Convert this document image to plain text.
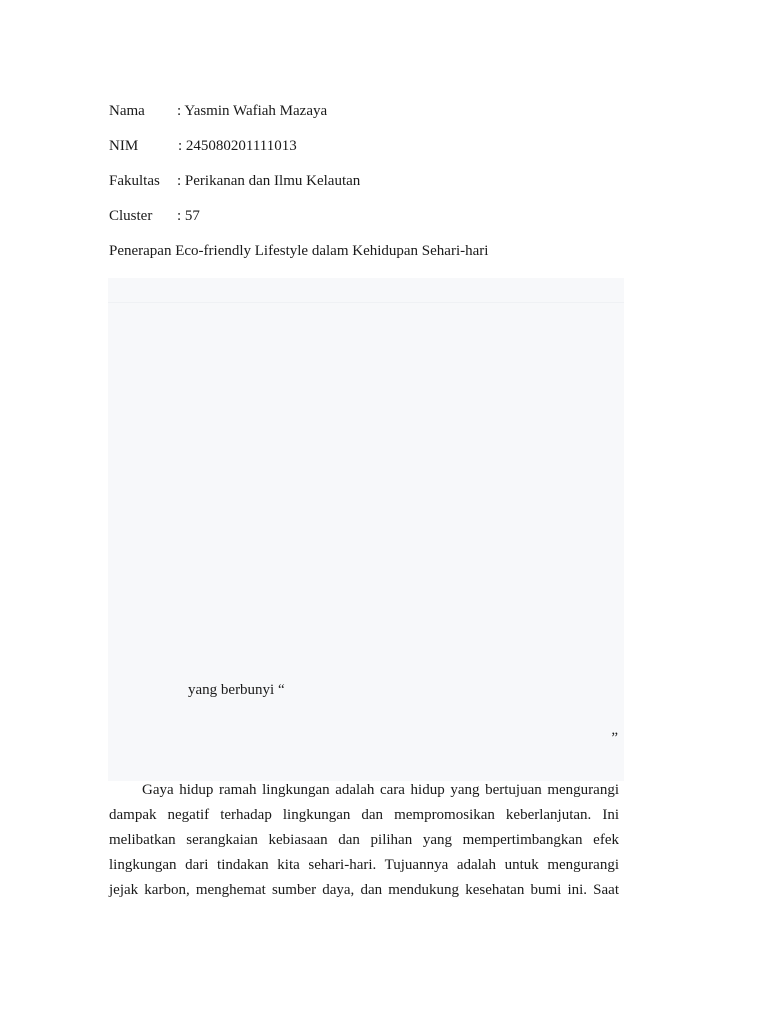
Nama : Yasmin Wafiah Mazaya
NIM	: 245080201111013
Fakultas : Perikanan dan Ilmu Kelautan
Cluster : 57
Penerapan Eco-friendly Lifestyle dalam Kehidupan Sehari-hari
yang berbunyi “
”
Gaya hidup ramah lingkungan adalah cara hidup yang bertujuan mengurangi
dampak negatif terhadap lingkungan dan mempromosikan keberlanjutan. Ini
melibatkan serangkaian kebiasaan dan pilihan yang mempertimbangkan efek
lingkungan dari tindakan kita sehari-hari. Tujuannya adalah untuk mengurangi
jejak karbon, menghemat sumber daya, dan mendukung kesehatan bumi ini. Saat
